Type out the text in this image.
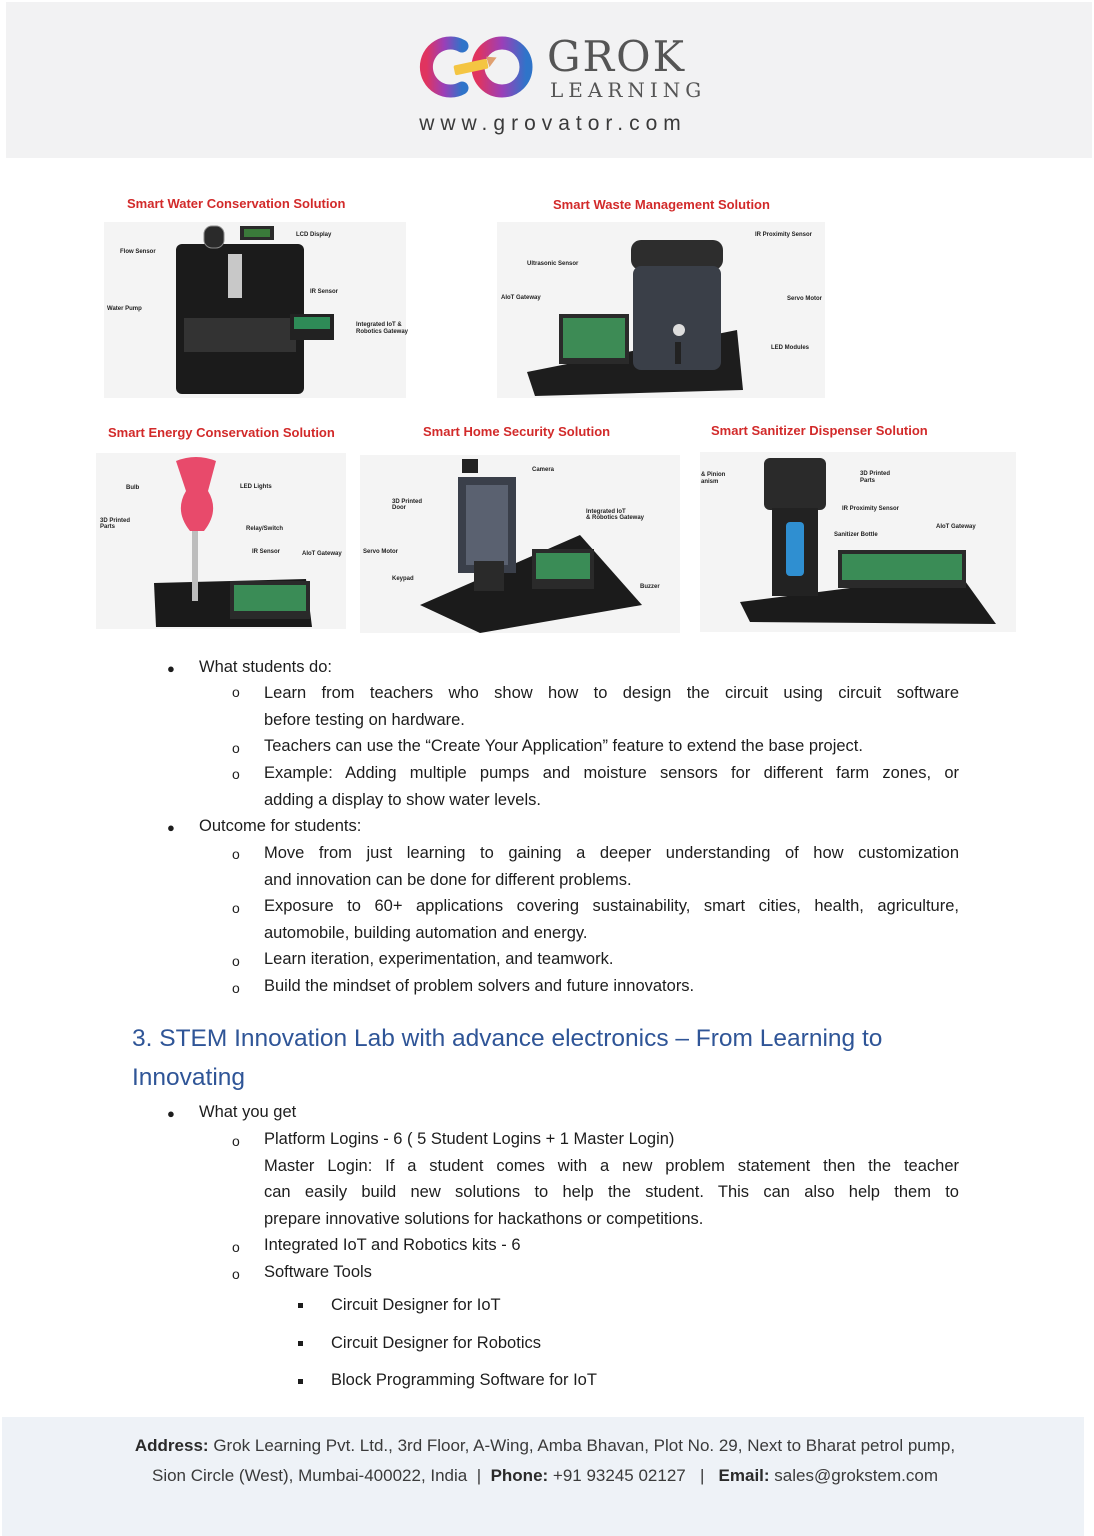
GROK
LEARNING
www.grovator.com
Smart Water Conservation Solution
Flow Sensor
LCD Display
Water Pump
IR Sensor
Integrated IoT &
Robotics Gateway
Smart Waste Management Solution
IR Proximity Sensor
Ultrasonic Sensor
AIoT Gateway	Servo Motor
LED Modules
Smart Energy Conservation Solution
Bulb	LED Lights
3D Printed
Parts	Relay/Switch
IR Sensor	AIoT Gateway
Smart Home Security Solution
Camera
3D Printed
Door
Integrated IoT
& Robotics Gateway
Servo Motor
Keypad
Buzzer
Smart Sanitizer Dispenser Solution
& Pinion
anism
3D Printed
Parts
IR Proximity Sensor
AIoT Gateway
Sanitizer Bottle
● What students do:
o Learn from teachers who show how to design the circuit using circuit software
before testing on hardware.
o Teachers can use the “Create Your Application” feature to extend the base project.
o Example: Adding multiple pumps and moisture sensors for different farm zones, or
adding a display to show water levels.
● Outcome for students:
o Move from just learning to gaining a deeper understanding of how customization
and innovation can be done for different problems.
o Exposure to 60+ applications covering sustainability, smart cities, health, agriculture,
automobile, building automation and energy.
o Learn iteration, experimentation, and teamwork.
o Build the mindset of problem solvers and future innovators.
3. STEM Innovation Lab with advance electronics – From Learning to Innovating
● What you get
o Platform Logins - 6 ( 5 Student Logins + 1 Master Login)
Master Login: If a student comes with a new problem statement then the teacher
can easily build new solutions to help the student. This can also help them to
prepare innovative solutions for hackathons or competitions.
o Integrated IoT and Robotics kits - 6
o Software Tools
Circuit Designer for IoT
Circuit Designer for Robotics
Block Programming Software for IoT
Address: Grok Learning Pvt. Ltd., 3rd Floor, A-Wing, Amba Bhavan, Plot No. 29, Next to Bharat petrol pump,
Sion Circle (West), Mumbai-400022, India | Phone: +91 93245 02127 | Email: sales@grokstem.com
